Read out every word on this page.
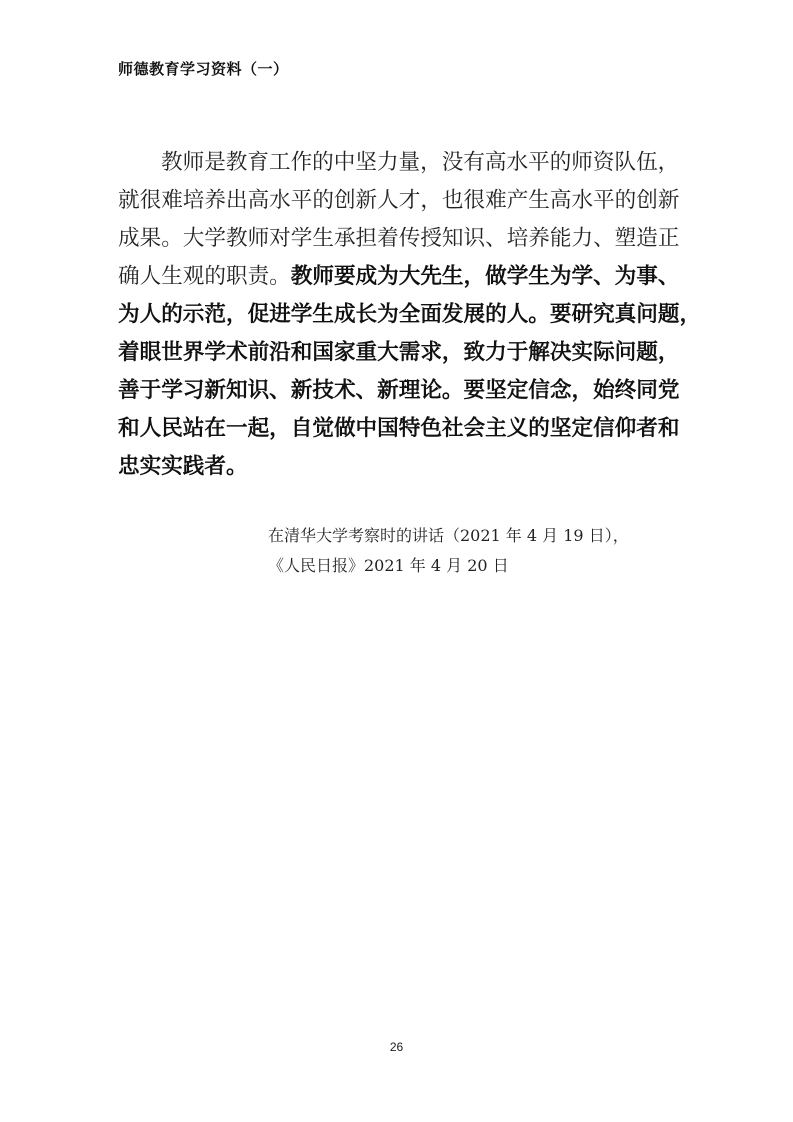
师德教育学习资料（一）
教师是教育工作的中坚力量，没有高水平的师资队伍，
就很难培养出高水平的创新人才，也很难产生高水平的创新
成果。大学教师对学生承担着传授知识、培养能力、塑造正
确人生观的职责。教师要成为大先生，做学生为学、为事、
为人的示范，促进学生成长为全面发展的人。要研究真问题，
着眼世界学术前沿和国家重大需求，致力于解决实际问题，
善于学习新知识、新技术、新理论。要坚定信念，始终同党
和人民站在一起，自觉做中国特色社会主义的坚定信仰者和
忠实实践者。
在清华大学考察时的讲话（2021 年 4 月 19 日），
《人民日报》2021 年 4 月 20 日
26
